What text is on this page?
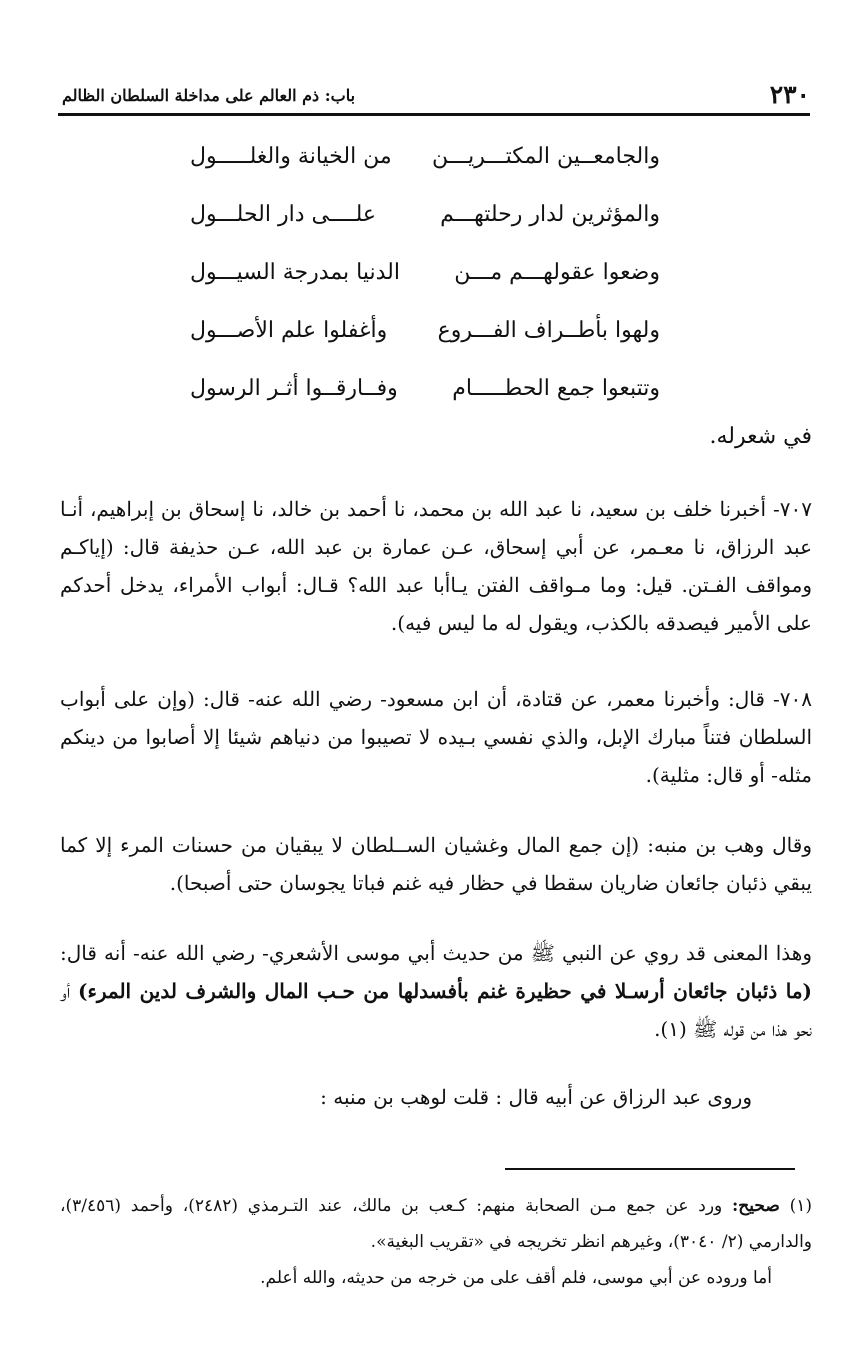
٢٣٠
باب: ذم العالم على مداخلة السلطان الظالم
والجامعــين المكتـــريـــن
من الخيانة والغلـــــول
والمؤثرين لدار رحلتهـــم
علــــى دار الحلـــول
وضعوا عقولهـــم مـــن
الدنيا بمدرجة السيـــول
ولهوا بأطــراف الفـــروع
وأغفلوا علم الأصـــول
وتتبعوا جمع الحطـــــام
وفــارقــوا أثـر الرسول

في شعرله.

٧٠٧- أخبرنا خلف بن سعيد، نا عبد الله بن محمد، نا أحمد بن خالد، نا إسحاق بن إبراهيم، أنـا عبد الرزاق، نا معـمر، عن أبي إسحاق، عـن عمارة بن عبد الله، عـن حذيفة قال: (إياكـم ومواقف الفـتن. قيل: وما مـواقف الفتن يـاأبا عبد الله؟ قـال: أبواب الأمراء، يدخل أحدكم على الأمير فيصدقه بالكذب، ويقول له ما ليس فيه).

٧٠٨- قال: وأخبرنا معمر، عن قتادة، أن ابن مسعود- رضي الله عنه- قال: (وإن على أبواب السلطان فتناً مبارك الإبل، والذي نفسي بـيده لا تصيبوا من دنياهم شيئا إلا أصابوا من دينكم مثله- أو قال: مثلية).

وقال وهب بن منبه: (إن جمع المال وغشيان الســلطان لا يبقيان من حسنات المرء إلا كما يبقي ذئبان جائعان ضاريان سقطا في حظار فيه غنم فباتا يجوسان حتى أصبحا).

وهذا المعنى قد روي عن النبي ﷺ من حديث أبي موسى الأشعري- رضي الله عنه- أنه قال: (ما ذئبان جائعان أرسـلا في حظيرة غنم بأفسدلها من حـب المال والشرف لدين المرء) أو نحو هذا من قوله ﷺ (١).

وروى عبد الرزاق عن أبيه قال : قلت لوهب بن منبه :

(١) صحيح: ورد عن جمع مـن الصحابة منهم: كـعب بن مالك، عند التـرمذي (٢٤٨٢)، وأحمد (٣/٤٥٦)، والدارمي (٢/ ٣٠٤٠)، وغيرهم انظر تخريجه في «تقريب البغية».
أما وروده عن أبي موسى، فلم أقف على من خرجه من حديثه، والله أعلم.
